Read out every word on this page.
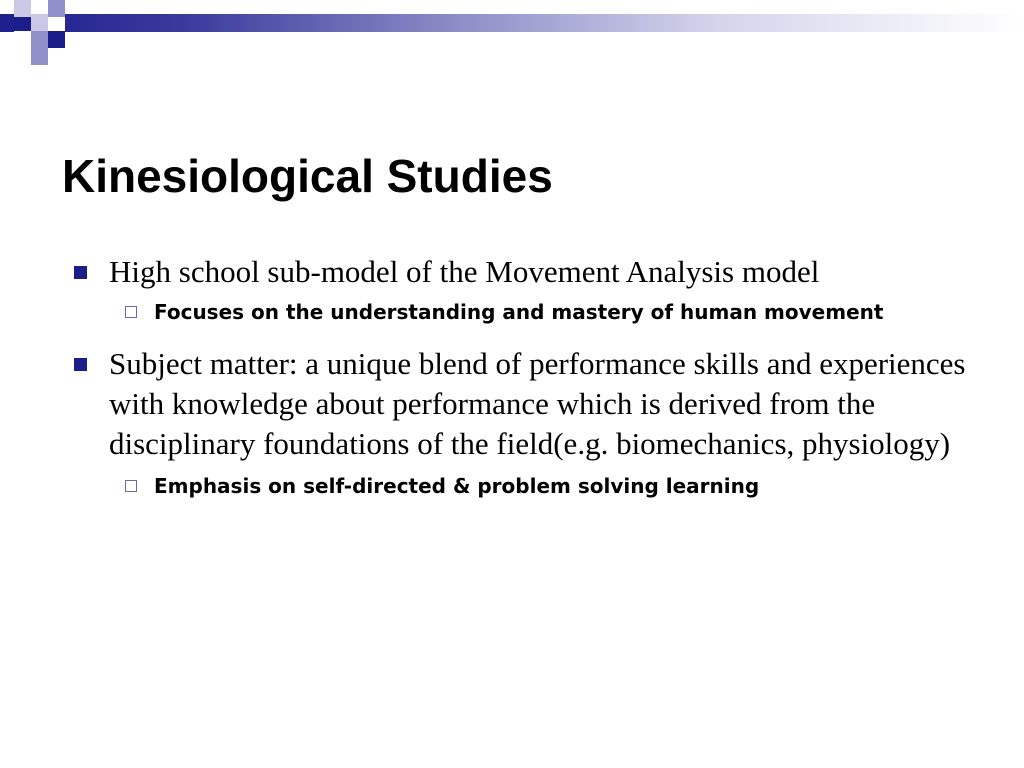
Kinesiological Studies
High school sub-model of the Movement Analysis model
Focuses on the understanding and mastery of human movement
Subject matter: a unique blend of performance skills and experiences with knowledge about performance which is derived from the disciplinary foundations of the field(e.g. biomechanics, physiology)
Emphasis on self-directed & problem solving learning
